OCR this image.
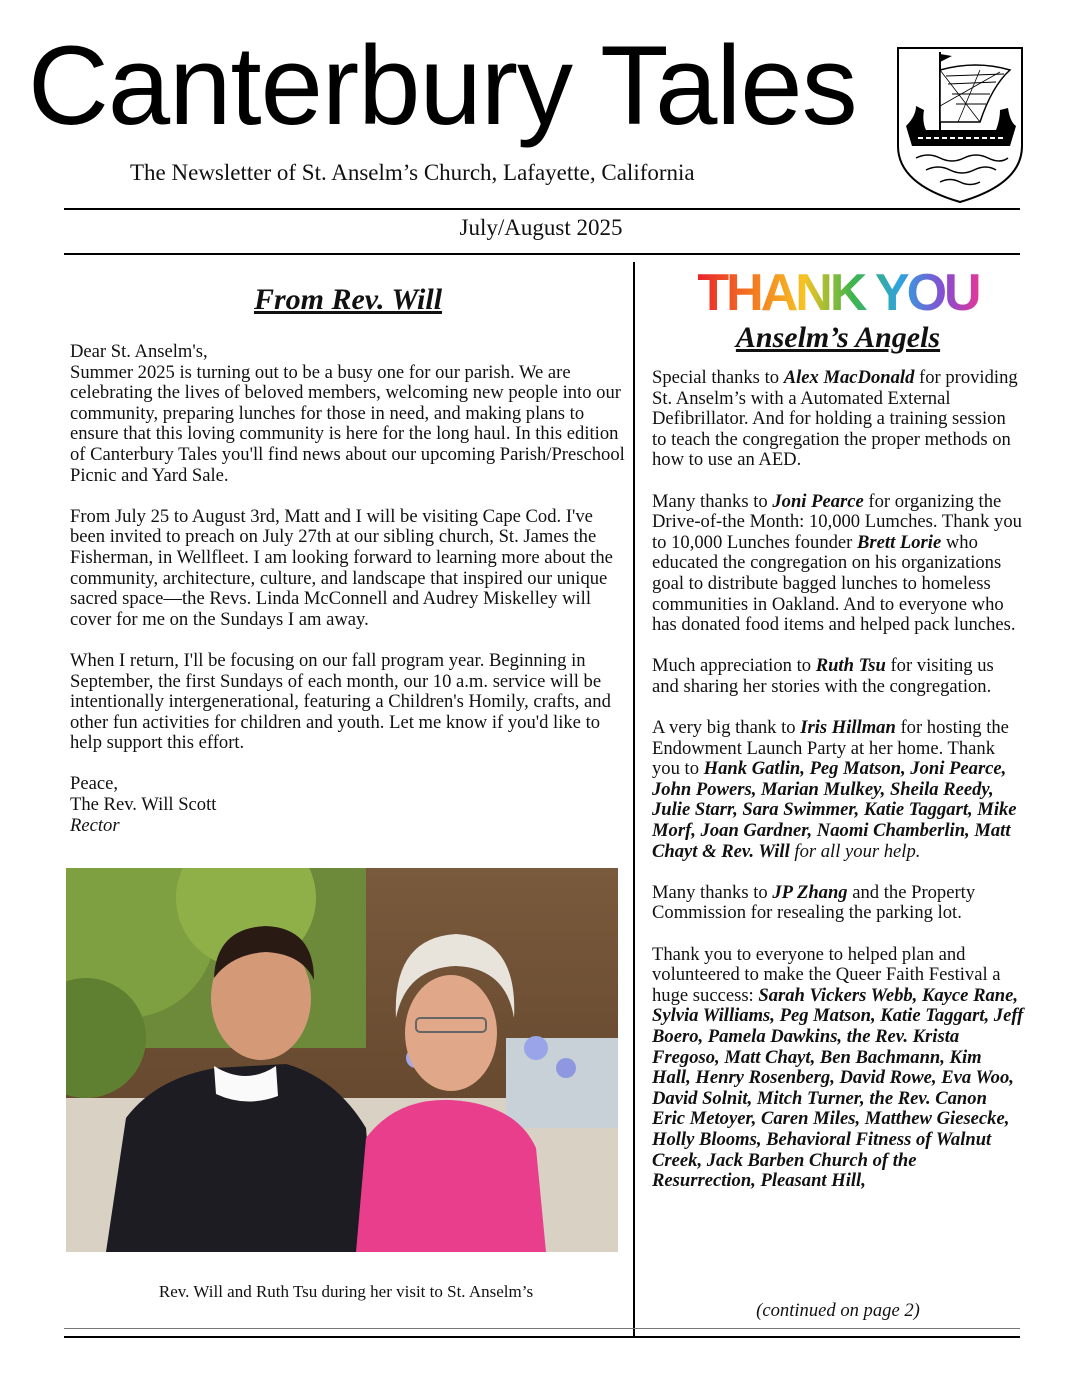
Canterbury Tales
The Newsletter of St. Anselm’s Church, Lafayette, California
July/August 2025
From Rev. Will
Dear St. Anselm's,

Summer 2025 is turning out to be a busy one for our parish. We are celebrating the lives of beloved members, welcoming new people into our community, preparing lunches for those in need, and making plans to ensure that this loving community is here for the long haul. In this edition of Canterbury Tales you'll find news about our upcoming Parish/Preschool Picnic and Yard Sale.

From July 25 to August 3rd, Matt and I will be visiting Cape Cod. I've been invited to preach on July 27th at our sibling church, St. James the Fisherman, in Wellfleet. I am looking forward to learning more about the community, architecture, culture, and landscape that inspired our unique sacred space—the Revs. Linda McConnell and Audrey Miskelley will cover for me on the Sundays I am away.

When I return, I'll be focusing on our fall program year. Beginning in September, the first Sundays of each month, our 10 a.m. service will be intentionally intergenerational, featuring a Children's Homily, crafts, and other fun activities for children and youth. Let me know if you'd like to help support this effort.

Peace,
The Rev. Will Scott
Rector
Rev. Will and Ruth Tsu during her visit to St. Anselm’s
THANK YOU
Anselm’s Angels

Special thanks to Alex MacDonald for providing St. Anselm’s with a Automated External Defibrillator. And for holding a training session to teach the congregation the proper methods on how to use an AED.

Many thanks to Joni Pearce for organizing the Drive-of-the Month: 10,000 Lumches. Thank you to 10,000 Lunches founder Brett Lorie who educated the congregation on his organizations goal to distribute bagged lunches to homeless communities in Oakland. And to everyone who has donated food items and helped pack lunches.

Much appreciation to Ruth Tsu for visiting us and sharing her stories with the congregation.

A very big thank to Iris Hillman for hosting the Endowment Launch Party at her home. Thank you to Hank Gatlin, Peg Matson, Joni Pearce, John Powers, Marian Mulkey, Sheila Reedy, Julie Starr, Sara Swimmer, Katie Taggart, Mike Morf, Joan Gardner, Naomi Chamberlin, Matt Chayt & Rev. Will for all your help.

Many thanks to JP Zhang and the Property Commission for resealing the parking lot.

Thank you to everyone to helped plan and volunteered to make the Queer Faith Festival a huge success: Sarah Vickers Webb, Kayce Rane, Sylvia Williams, Peg Matson, Katie Taggart, Jeff Boero, Pamela Dawkins, the Rev. Krista Fregoso, Matt Chayt, Ben Bachmann, Kim Hall, Henry Rosenberg, David Rowe, Eva Woo, David Solnit, Mitch Turner, the Rev. Canon Eric Metoyer, Caren Miles, Matthew Giesecke, Holly Blooms, Behavioral Fitness of Walnut Creek, Jack Barben Church of the Resurrection, Pleasant Hill,

(continued on page 2)
